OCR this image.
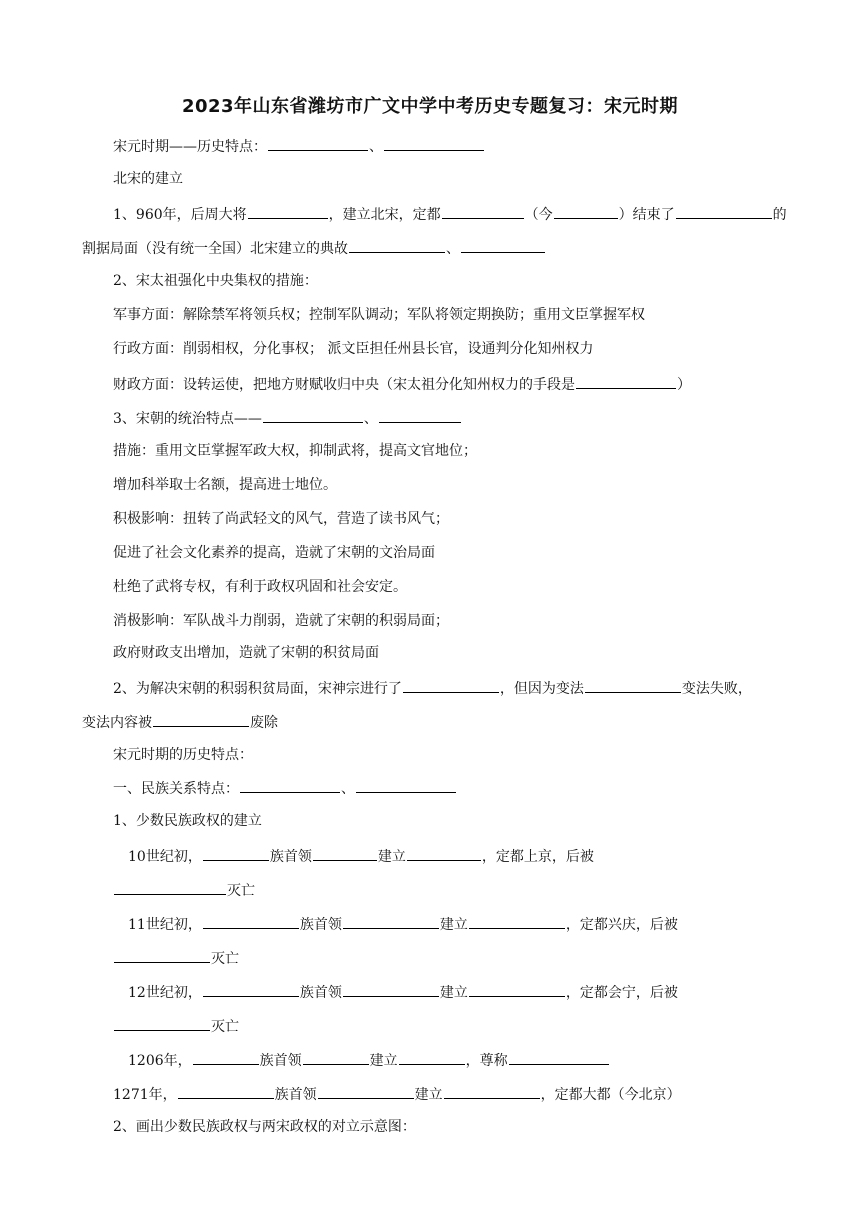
2023年山东省潍坊市广文中学中考历史专题复习：宋元时期
宋元时期——历史特点：	、
北宋的建立
1、960年，后周大将	，建立北宋，定都	（今	）结束了	的
割据局面（没有统一全国）北宋建立的典故	、
2、宋太祖强化中央集权的措施：
军事方面：解除禁军将领兵权；控制军队调动；军队将领定期换防；重用文臣掌握军权
行政方面：削弱相权，分化事权； 派文臣担任州县长官，设通判分化知州权力
财政方面：设转运使，把地方财赋收归中央（宋太祖分化知州权力的手段是	）
3、宋朝的统治特点——	、
措施：重用文臣掌握军政大权，抑制武将，提高文官地位；
增加科举取士名额，提高进士地位。
积极影响：扭转了尚武轻文的风气，营造了读书风气；
促进了社会文化素养的提高，造就了宋朝的文治局面
杜绝了武将专权，有利于政权巩固和社会安定。
消极影响：军队战斗力削弱，造就了宋朝的积弱局面；
政府财政支出增加，造就了宋朝的积贫局面
2、为解决宋朝的积弱积贫局面，宋神宗进行了	，但因为变法	变法失败，
变法内容被	废除
宋元时期的历史特点：
一、民族关系特点：	、
1、少数民族政权的建立
10世纪初，	族首领	建立	，定都上京，后被
灭亡
11世纪初，	族首领	建立	，定都兴庆，后被
灭亡
12世纪初，	族首领	建立	，定都会宁，后被
灭亡
1206年，	族首领	建立	，尊称
1271年，	族首领	建立	，定都大都（今北京）
2、画出少数民族政权与两宋政权的对立示意图：
